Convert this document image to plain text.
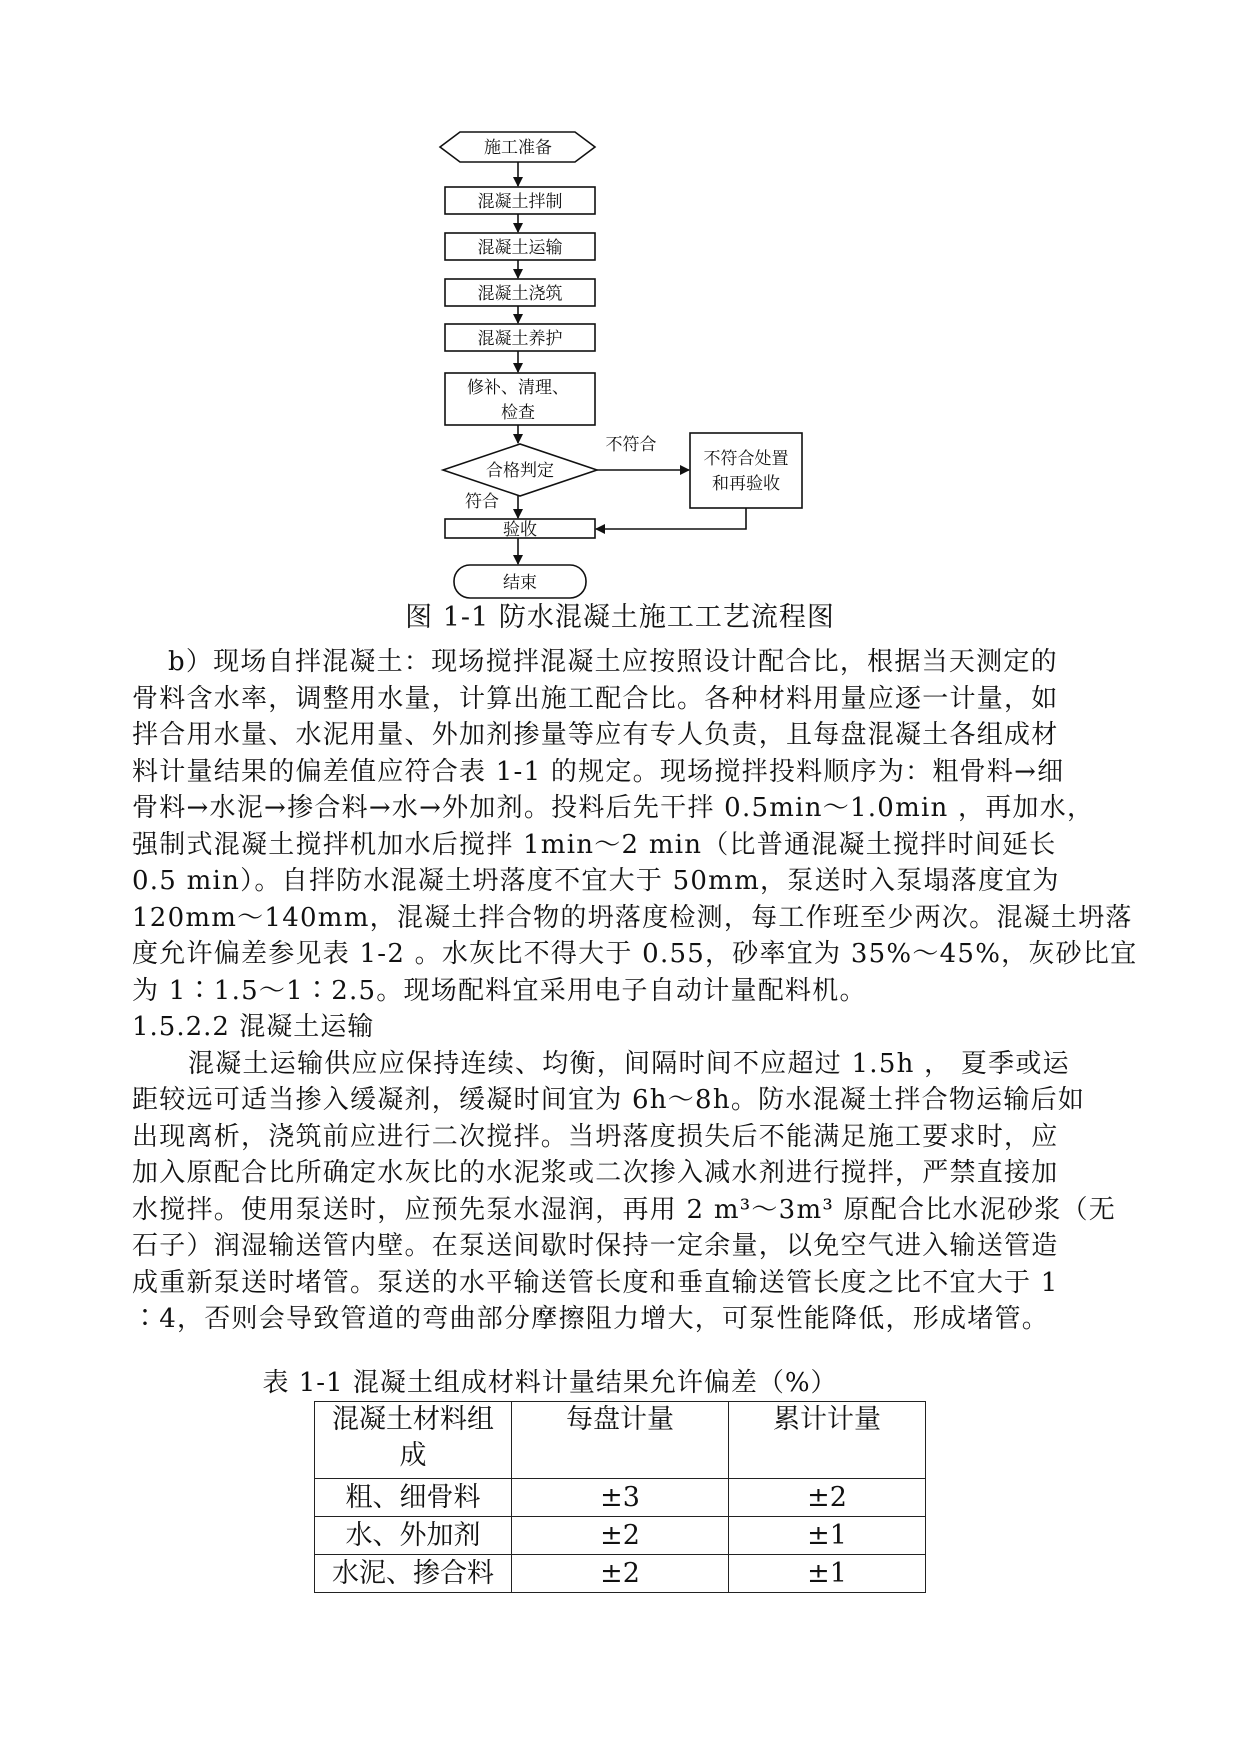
施工准备
混凝土拌制
混凝土运输
混凝土浇筑
混凝土养护
修补、清理、
检查
合格判定
不符合处置
和再验收
验收
结束
不符合
符合
图 1-1 防水混凝土施工工艺流程图
b）现场自拌混凝土：现场搅拌混凝土应按照设计配合比，根据当天测定的
骨料含水率，调整用水量，计算出施工配合比。各种材料用量应逐一计量，如
拌合用水量、水泥用量、外加剂掺量等应有专人负责，且每盘混凝土各组成材
料计量结果的偏差值应符合表 1-1 的规定。现场搅拌投料顺序为：粗骨料→细
骨料→水泥→掺合料→水→外加剂。投料后先干拌 0.5min～1.0min ，再加水，
强制式混凝土搅拌机加水后搅拌 1min～2 min（比普通混凝土搅拌时间延长
0.5 min）。自拌防水混凝土坍落度不宜大于 50mm，泵送时入泵塌落度宜为
120mm～140mm，混凝土拌合物的坍落度检测，每工作班至少两次。混凝土坍落
度允许偏差参见表 1-2 。水灰比不得大于 0.55，砂率宜为 35%～45%，灰砂比宜
为 1∶1.5～1∶2.5。现场配料宜采用电子自动计量配料机。
1.5.2.2 混凝土运输
混凝土运输供应应保持连续、均衡，间隔时间不应超过 1.5h ， 夏季或运
距较远可适当掺入缓凝剂，缓凝时间宜为 6h～8h。防水混凝土拌合物运输后如
出现离析，浇筑前应进行二次搅拌。当坍落度损失后不能满足施工要求时，应
加入原配合比所确定水灰比的水泥浆或二次掺入减水剂进行搅拌，严禁直接加
水搅拌。使用泵送时，应预先泵水湿润，再用 2 m³～3m³ 原配合比水泥砂浆（无
石子）润湿输送管内壁。在泵送间歇时保持一定余量，以免空气进入输送管造
成重新泵送时堵管。泵送的水平输送管长度和垂直输送管长度之比不宜大于 1
∶4，否则会导致管道的弯曲部分摩擦阻力增大，可泵性能降低，形成堵管。
表 1-1 混凝土组成材料计量结果允许偏差（%）
混凝土材料组
成	每盘计量	累计计量
粗、细骨料	±3	±2
水、外加剂	±2	±1
水泥、掺合料	±2	±1
